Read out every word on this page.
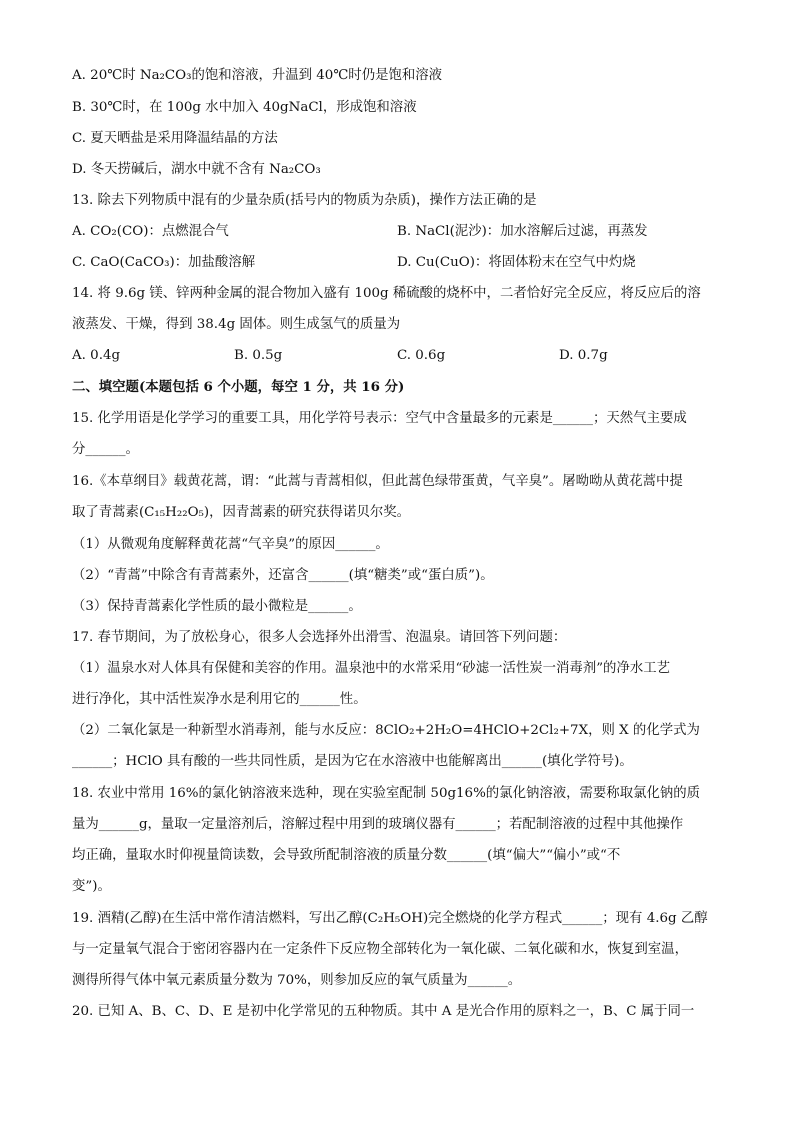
A. 20℃时 Na₂CO₃的饱和溶液，升温到 40℃时仍是饱和溶液
B. 30℃时，在 100g 水中加入 40gNaCl，形成饱和溶液
C. 夏天晒盐是采用降温结晶的方法
D. 冬天捞碱后，湖水中就不含有 Na₂CO₃
13. 除去下列物质中混有的少量杂质(括号内的物质为杂质)，操作方法正确的是
A. CO₂(CO)：点燃混合气	B. NaCl(泥沙)：加水溶解后过滤，再蒸发
C. CaO(CaCO₃)：加盐酸溶解	D. Cu(CuO)：将固体粉末在空气中灼烧
14. 将 9.6g 镁、锌两种金属的混合物加入盛有 100g 稀硫酸的烧杯中，二者恰好完全反应，将反应后的溶
液蒸发、干燥，得到 38.4g 固体。则生成氢气的质量为
A. 0.4g	B. 0.5g	C. 0.6g	D. 0.7g
二、填空题(本题包括 6 个小题，每空 1 分，共 16 分)
15. 化学用语是化学学习的重要工具，用化学符号表示：空气中含量最多的元素是______；天然气主要成
分______。
16.《本草纲目》载黄花蒿，谓：“此蒿与青蒿相似，但此蒿色绿带蛋黄，气辛臭”。屠呦呦从黄花蒿中提
取了青蒿素(C₁₅H₂₂O₅)，因青蒿素的研究获得诺贝尔奖。
（1）从微观角度解释黄花蒿“气辛臭”的原因______。
（2）“青蒿”中除含有青蒿素外，还富含______(填“糖类”或“蛋白质”)。
（3）保持青蒿素化学性质的最小微粒是______。
17. 春节期间，为了放松身心，很多人会选择外出滑雪、泡温泉。请回答下列问题：
（1）温泉水对人体具有保健和美容的作用。温泉池中的水常采用“砂滤一活性炭一消毒剂”的净水工艺
进行净化，其中活性炭净水是利用它的______性。
（2）二氧化氯是一种新型水消毒剂，能与水反应：8ClO₂+2H₂O=4HClO+2Cl₂+7X，则 X 的化学式为
______；HClO 具有酸的一些共同性质，是因为它在水溶液中也能解离出______(填化学符号)。
18. 农业中常用 16%的氯化钠溶液来选种，现在实验室配制 50g16%的氯化钠溶液，需要称取氯化钠的质
量为______g，量取一定量溶剂后，溶解过程中用到的玻璃仪器有______；若配制溶液的过程中其他操作
均正确，量取水时仰视量筒读数，会导致所配制溶液的质量分数______(填“偏大”“偏小”或“不
变”)。
19. 酒精(乙醇)在生活中常作清洁燃料，写出乙醇(C₂H₅OH)完全燃烧的化学方程式______；现有 4.6g 乙醇
与一定量氧气混合于密闭容器内在一定条件下反应物全部转化为一氧化碳、二氧化碳和水，恢复到室温，
测得所得气体中氧元素质量分数为 70%，则参加反应的氧气质量为______。
20. 已知 A、B、C、D、E 是初中化学常见的五种物质。其中 A 是光合作用的原料之一，B、C 属于同一
